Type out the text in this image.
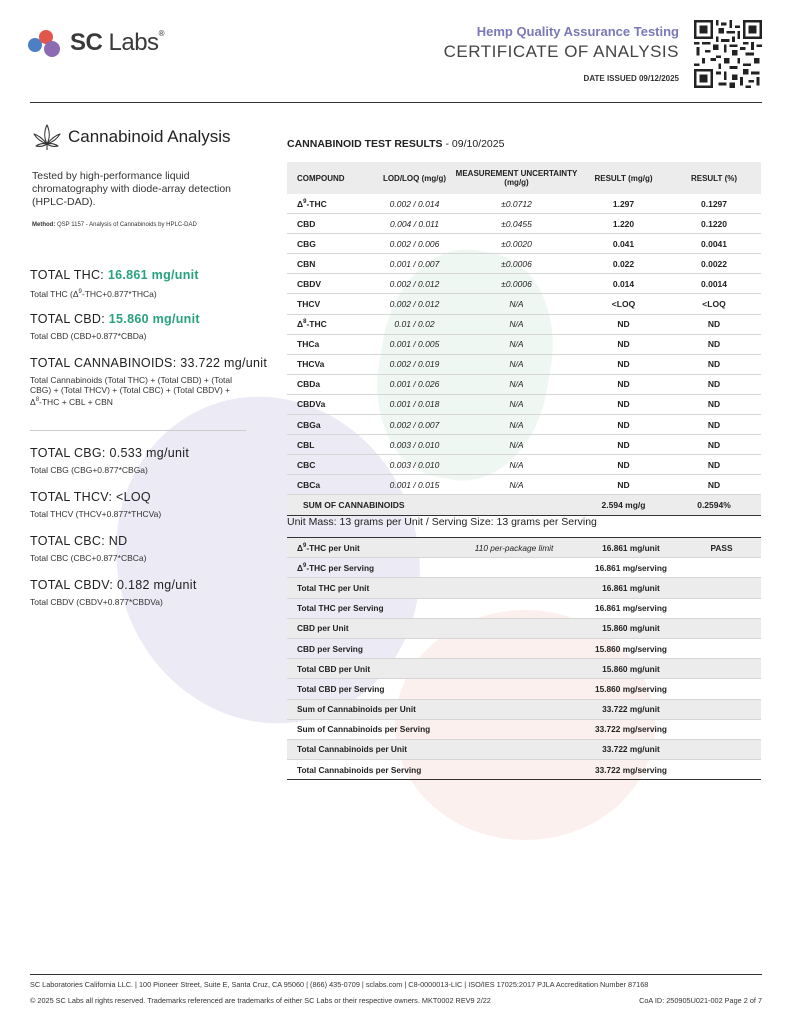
SC Labs®	Hemp Quality Assurance Testing
CERTIFICATE OF ANALYSIS
DATE ISSUED 09/12/2025
Cannabinoid Analysis
Tested by high-performance liquid chromatography with diode-array detection (HPLC-DAD).
Method: QSP 1157 - Analysis of Cannabinoids by HPLC-DAD
TOTAL THC: 16.861 mg/unit
Total THC $(\Delta^9-THC+0.877*THCa)$
TOTAL CBD: 15.860 mg/unit
Total CBD (CBD+0.877*CBDa)
TOTAL CANNABINOIDS: 33.722 mg/unit
Total Cannabinoids (Total THC) + (Total CBD) + (Total CBG) + (Total THCV) + (Total CBC) + (Total CBDV) + $\Delta^8$-THC + CBL + CBN
TOTAL CBG: 0.533 mg/unit
Total CBG (CBG+0.877*CBGa)
TOTAL THCV: <LOQ
Total THCV (THCV+0.877*THCVa)
TOTAL CBC: ND
Total CBC (CBC+0.877*CBCa)
TOTAL CBDV: 0.182 mg/unit
Total CBDV (CBDV+0.877*CBDVa)
CANNABINOID TEST RESULTS - 09/10/2025
COMPOUND	LOD/LOQ (mg/g)	MEASUREMENT UNCERTAINTY (mg/g)	RESULT (mg/g)	RESULT (%)
$\Delta^9$-THC	0.002 / 0.014	±0.0712	1.297	0.1297
CBD	0.004 / 0.011	±0.0455	1.220	0.1220
CBG	0.002 / 0.006	±0.0020	0.041	0.0041
CBN	0.001 / 0.007	±0.0006	0.022	0.0022
CBDV	0.002 / 0.012	±0.0006	0.014	0.0014
THCV	0.002 / 0.012	N/A	<LOQ	<LOQ
$\Delta^8$-THC	0.01 / 0.02	N/A	ND	ND
THCa	0.001 / 0.005	N/A	ND	ND
THCVa	0.002 / 0.019	N/A	ND	ND
CBDa	0.001 / 0.026	N/A	ND	ND
CBDVa	0.001 / 0.018	N/A	ND	ND
CBGa	0.002 / 0.007	N/A	ND	ND
CBL	0.003 / 0.010	N/A	ND	ND
CBC	0.003 / 0.010	N/A	ND	ND
CBCa	0.001 / 0.015	N/A	ND	ND
SUM OF CANNABINOIDS			2.594 mg/g	0.2594%
Unit Mass: 13 grams per Unit / Serving Size: 13 grams per Serving
$\Delta^9$-THC per Unit	110 per-package limit	16.861 mg/unit	PASS
$\Delta^9$-THC per Serving		16.861 mg/serving	
Total THC per Unit		16.861 mg/unit	
Total THC per Serving		16.861 mg/serving	
CBD per Unit		15.860 mg/unit	
CBD per Serving		15.860 mg/serving	
Total CBD per Unit		15.860 mg/unit	
Total CBD per Serving		15.860 mg/serving	
Sum of Cannabinoids per Unit		33.722 mg/unit	
Sum of Cannabinoids per Serving		33.722 mg/serving	
Total Cannabinoids per Unit		33.722 mg/unit	
Total Cannabinoids per Serving		33.722 mg/serving	
SC Laboratories California LLC. | 100 Pioneer Street, Suite E, Santa Cruz, CA 95060 | (866) 435-0709 | sclabs.com | C8-0000013-LIC | ISO/IES 17025:2017 PJLA Accreditation Number 87168
© 2025 SC Labs all rights reserved. Trademarks referenced are trademarks of either SC Labs or their respective owners. MKT0002 REV9 2/22	CoA ID: 250905U021-002 Page 2 of 7
